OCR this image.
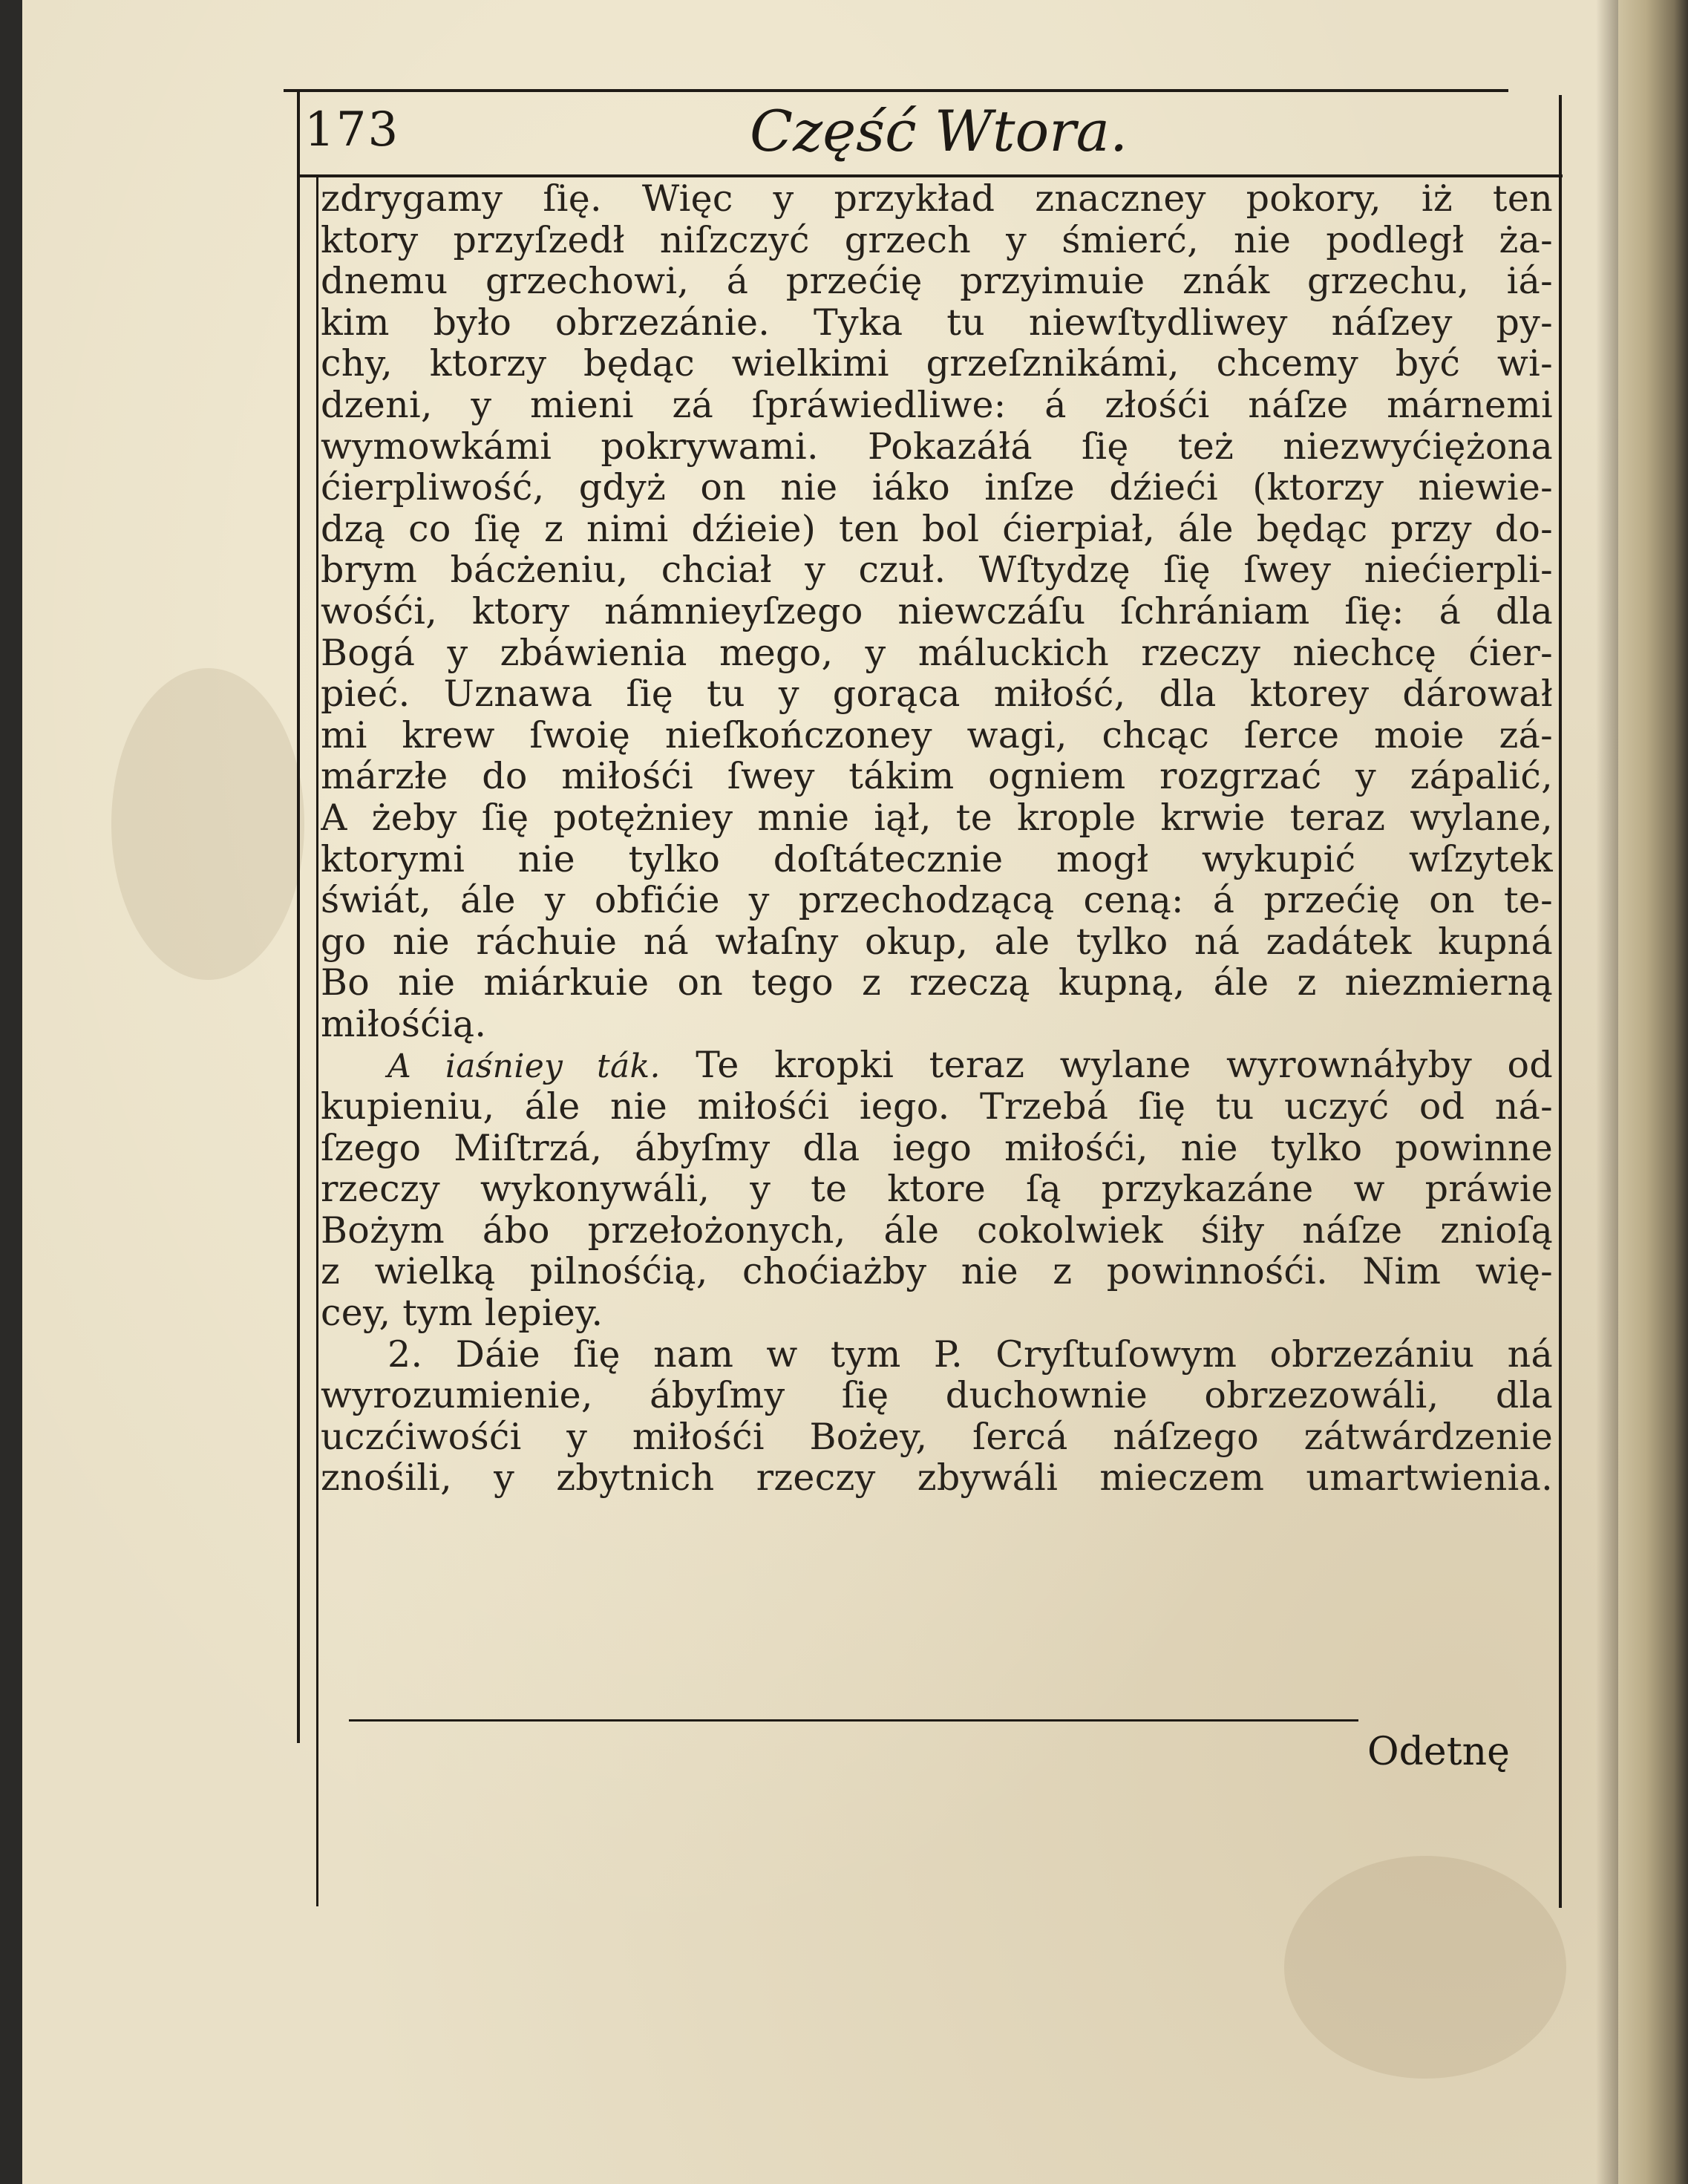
173	Część Wtora.
zdrygamy ſię. Więc y przykład znaczney pokory, iż ten
ktory przyſzedł niſzczyć grzech y śmierć, nie podległ ża-
dnemu grzechowi, á przećię przyimuie znák grzechu, iá-
kim było obrzezánie. Tyka tu niewſtydliwey náſzey py-
chy, ktorzy będąc wielkimi grzeſznikámi, chcemy być wi-
dzeni, y mieni zá ſpráwiedliwe: á złośći náſze márnemi
wymowkámi pokrywami. Pokazáłá ſię też niezwyćiężona
ćierpliwość, gdyż on nie iáko inſze dźieći (ktorzy niewie-
dzą co ſię z nimi dźieie) ten bol ćierpiał, ále będąc przy do-
brym bácżeniu, chciał y czuł. Wſtydzę ſię ſwey niećierpli-
wośći, ktory námnieyſzego niewczáſu ſchrániam ſię: á dla
Bogá y zbáwienia mego, y máluckich rzeczy niechcę ćier-
pieć. Uznawa ſię tu y gorąca miłość, dla ktorey dárował
mi krew ſwoię nieſkończoney wagi, chcąc ſerce moie zá-
márzłe do miłośći ſwey tákim ogniem rozgrzać y zápalić,
A żeby ſię potężniey mnie iął, te krople krwie teraz wylane,
ktorymi nie tylko doſtátecznie mogł wykupić wſzytek
świát, ále y obfićie y przechodzącą ceną: á przećię on te-
go nie ráchuie ná właſny okup, ale tylko ná zadátek kupná
Bo nie miárkuie on tego z rzeczą kupną, ále z niezmierną
miłośćią.
A iaśniey ták. Te kropki teraz wylane wyrownáłyby od
kupieniu, ále nie miłośći iego. Trzebá ſię tu uczyć od ná-
ſzego Miſtrzá, ábyſmy dla iego miłośći, nie tylko powinne
rzeczy wykonywáli, y te ktore ſą przykazáne w práwie
Bożym ábo przełożonych, ále cokolwiek śiły náſze znioſą
z wielką pilnośćią, choćiażby nie z powinnośći. Nim wię-
cey, tym lepiey.
2. Dáie ſię nam w tym P. Cryſtuſowym obrzezániu ná
wyrozumienie, ábyſmy ſię duchownie obrzezowáli, dla
uczćiwośći y miłośći Bożey, ſercá náſzego zátwárdzenie
znośili, y zbytnich rzeczy zbywáli mieczem umartwienia.
Odetnę
